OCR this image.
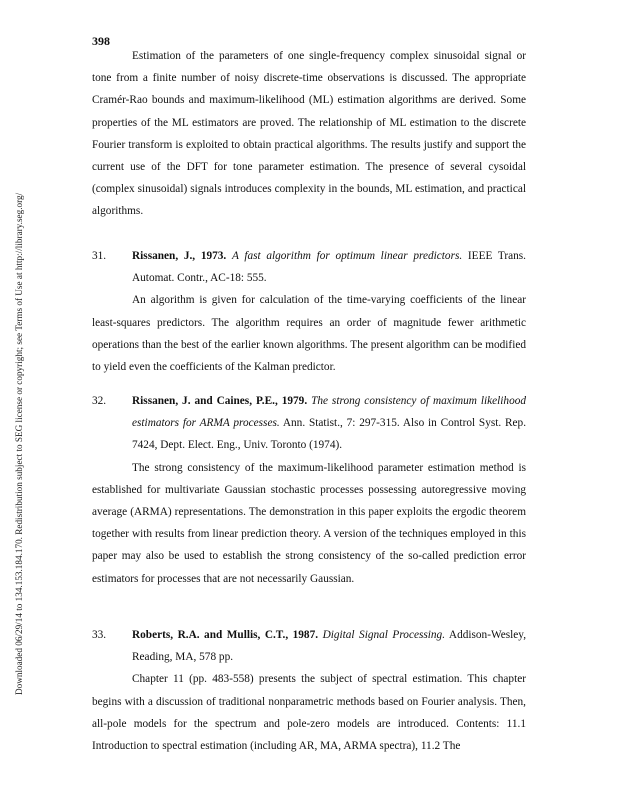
398
Downloaded 06/29/14 to 134.153.184.170. Redistribution subject to SEG license or copyright; see Terms of Use at http://library.seg.org/

Estimation of the parameters of one single-frequency complex sinusoidal signal or tone from a finite number of noisy discrete-time observations is discussed. The appropriate Cramér-Rao bounds and maximum-likelihood (ML) estimation algorithms are derived. Some properties of the ML estimators are proved. The relationship of ML estimation to the discrete Fourier transform is exploited to obtain practical algorithms. The results justify and support the current use of the DFT for tone parameter estimation. The presence of several cysoidal (complex sinusoidal) signals introduces complexity in the bounds, ML estimation, and practical algorithms.

31. Rissanen, J., 1973. A fast algorithm for optimum linear predictors. IEEE Trans. Automat. Contr., AC-18: 555.

An algorithm is given for calculation of the time-varying coefficients of the linear least-squares predictors. The algorithm requires an order of magnitude fewer arithmetic operations than the best of the earlier known algorithms. The present algorithm can be modified to yield even the coefficients of the Kalman predictor.

32. Rissanen, J. and Caines, P.E., 1979. The strong consistency of maximum likelihood estimators for ARMA processes. Ann. Statist., 7: 297-315. Also in Control Syst. Rep. 7424, Dept. Elect. Eng., Univ. Toronto (1974).

The strong consistency of the maximum-likelihood parameter estimation method is established for multivariate Gaussian stochastic processes possessing autoregressive moving average (ARMA) representations. The demonstration in this paper exploits the ergodic theorem together with results from linear prediction theory. A version of the techniques employed in this paper may also be used to establish the strong consistency of the so-called prediction error estimators for processes that are not necessarily Gaussian.

33. Roberts, R.A. and Mullis, C.T., 1987. Digital Signal Processing. Addison-Wesley, Reading, MA, 578 pp.

Chapter 11 (pp. 483-558) presents the subject of spectral estimation. This chapter begins with a discussion of traditional nonparametric methods based on Fourier analysis. Then, all-pole models for the spectrum and pole-zero models are introduced. Contents: 11.1 Introduction to spectral estimation (including AR, MA, ARMA spectra), 11.2 The
